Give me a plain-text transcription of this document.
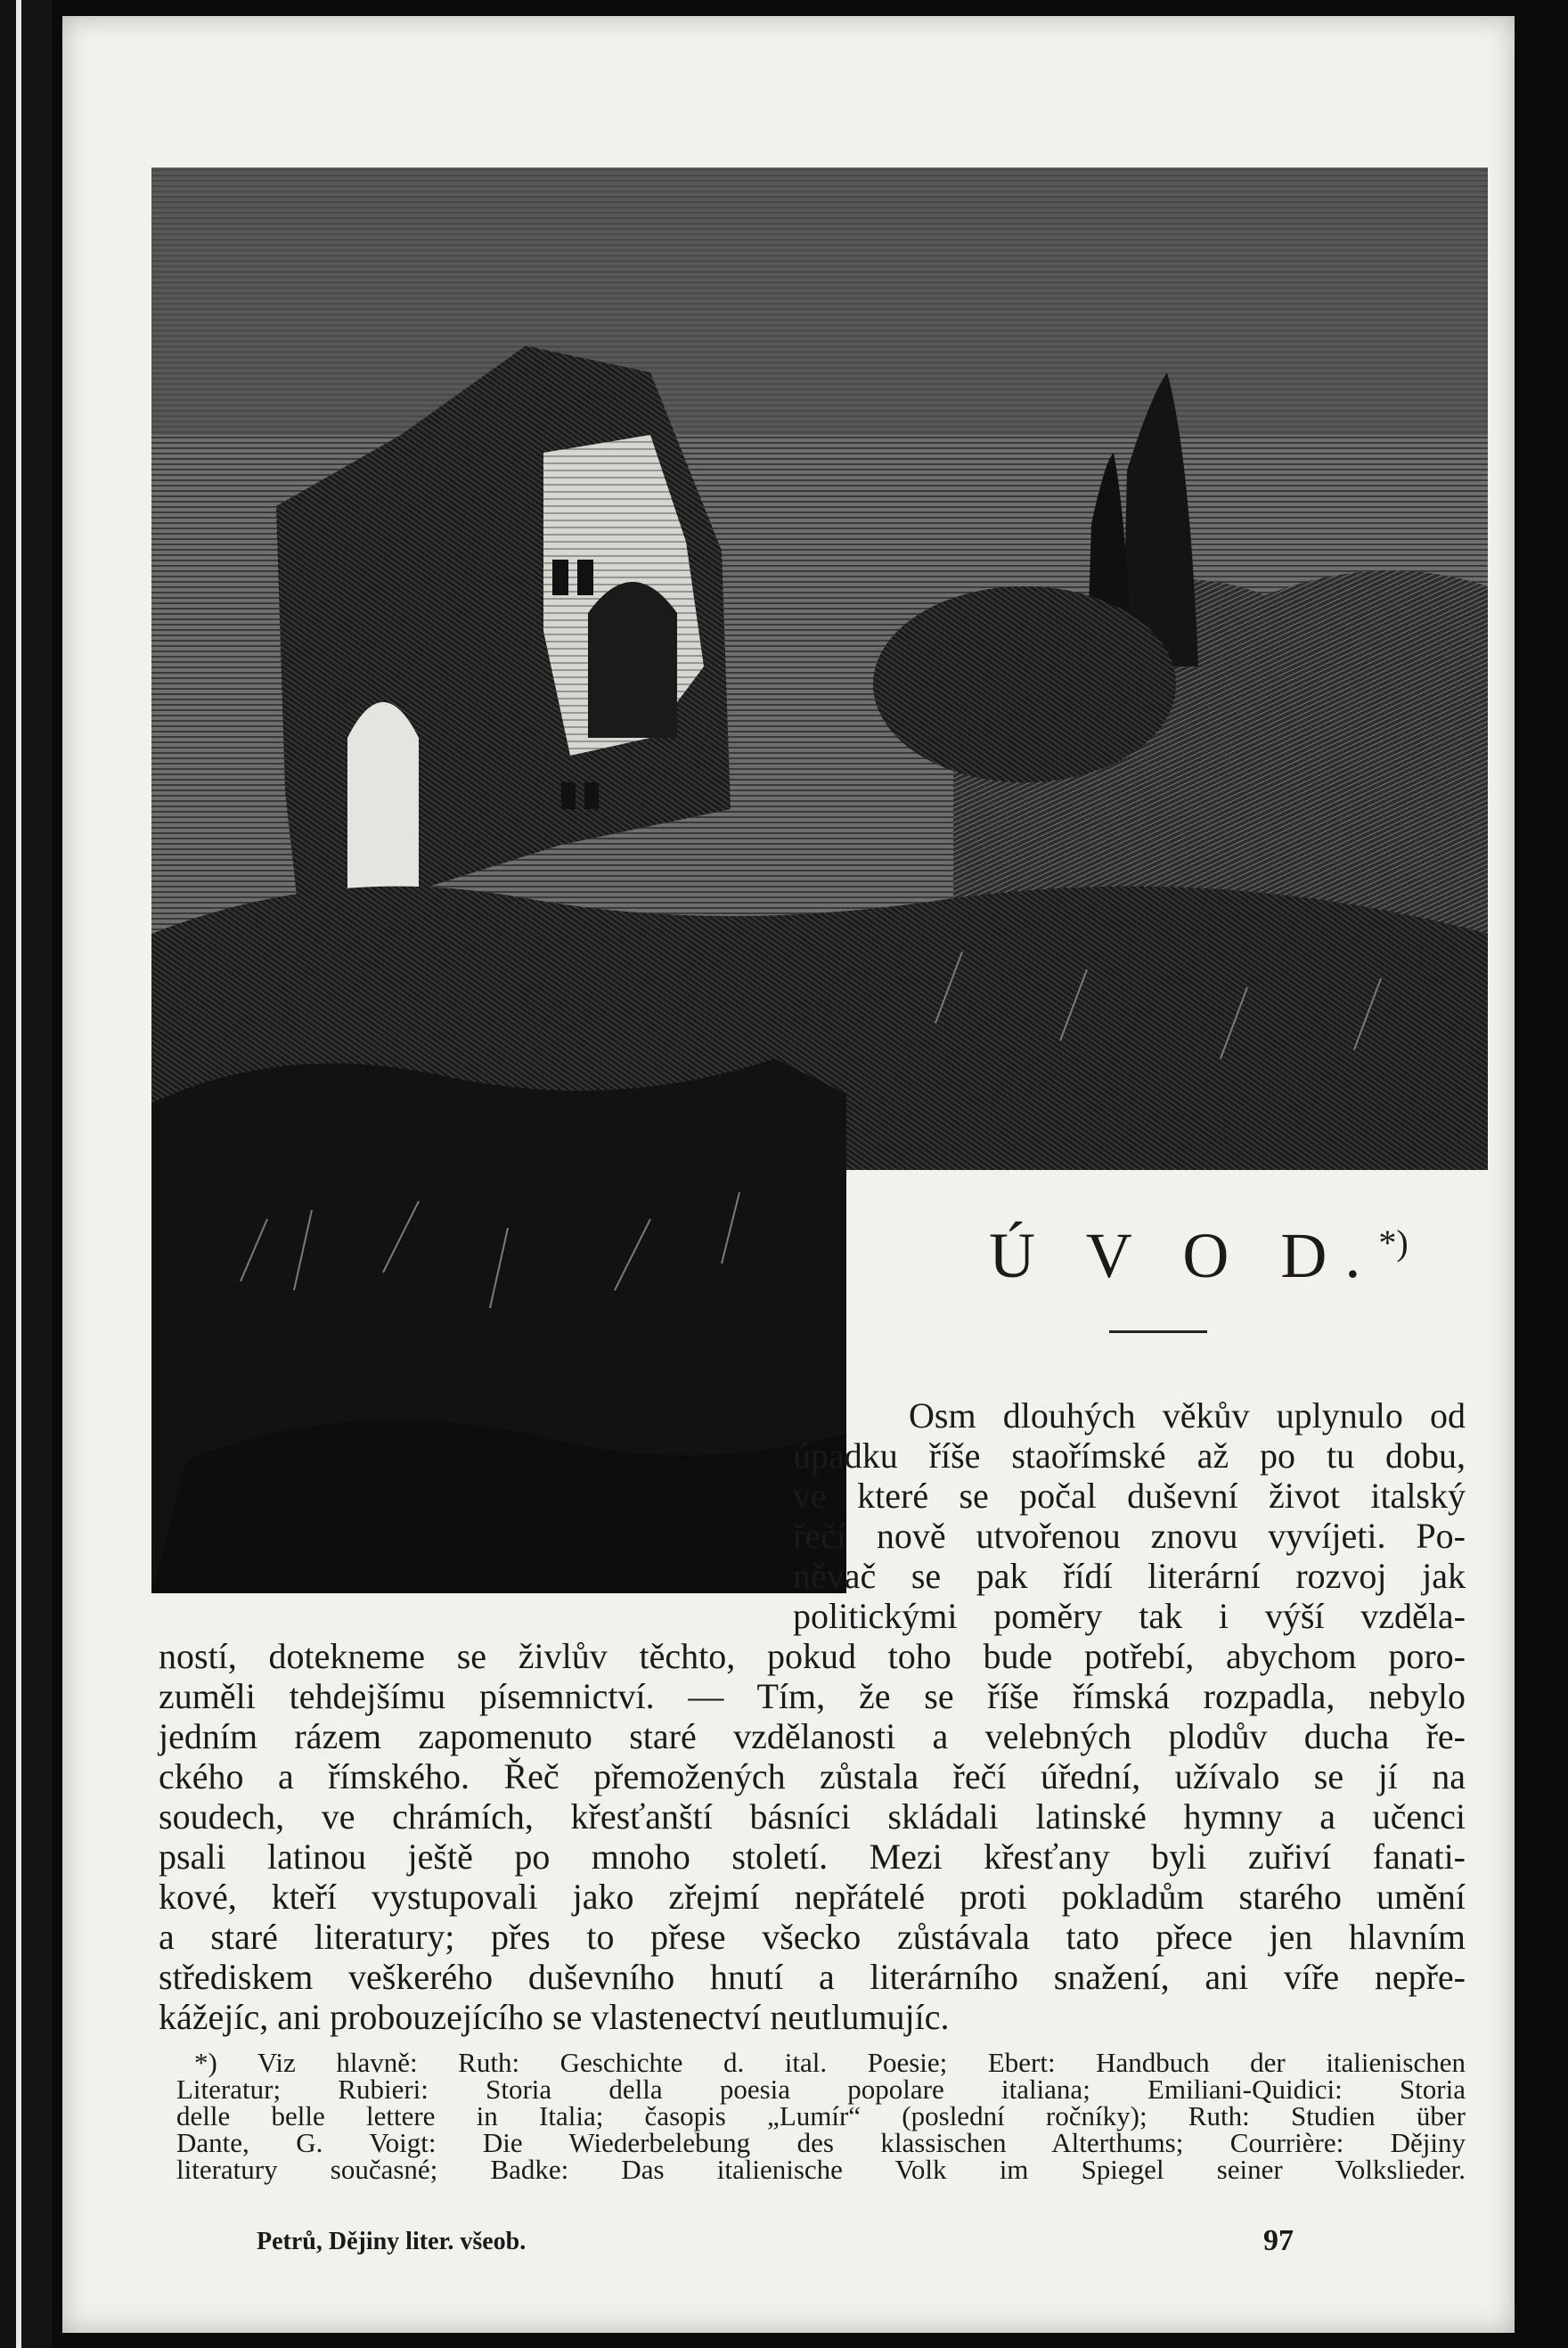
Ú V O D.*)
Osm dlouhých věkův uplynulo od
úpadku říše staořímské až po tu dobu,
ve které se počal duševní život italský
řečí nově utvořenou znovu vyvíjeti. Po-
něvač se pak řídí literární rozvoj jak
politickými poměry tak i výší vzděla-
ností, dotekneme se živlův těchto, pokud toho bude potřebí, abychom poro-
zuměli tehdejšímu písemnictví. — Tím, že se říše římská rozpadla, nebylo
jedním rázem zapomenuto staré vzdělanosti a velebných plodův ducha ře-
ckého a římského. Řeč přemožených zůstala řečí úřední, užívalo se jí na
soudech, ve chrámích, křesťanští básníci skládali latinské hymny a učenci
psali latinou ještě po mnoho století. Mezi křesťany byli zuřiví fanati-
kové, kteří vystupovali jako zřejmí nepřátelé proti pokladům starého umění
a staré literatury; přes to přese všecko zůstávala tato přece jen hlavním
střediskem veškerého duševního hnutí a literárního snažení, ani víře nepře-
kážejíc, ani probouzejícího se vlastenectví neutlumujíc.
*) Viz hlavně: Ruth: Geschichte d. ital. Poesie; Ebert: Handbuch der italienischen
Literatur; Rubieri: Storia della poesia popolare italiana; Emiliani-Quidici: Storia
delle belle lettere in Italia; časopis „Lumír“ (poslední ročníky); Ruth: Studien über
Dante, G. Voigt: Die Wiederbelebung des klassischen Alterthums; Courrière: Dějiny
literatury současné; Badke: Das italienische Volk im Spiegel seiner Volkslieder.
Petrů, Dějiny liter. všeob.	97
